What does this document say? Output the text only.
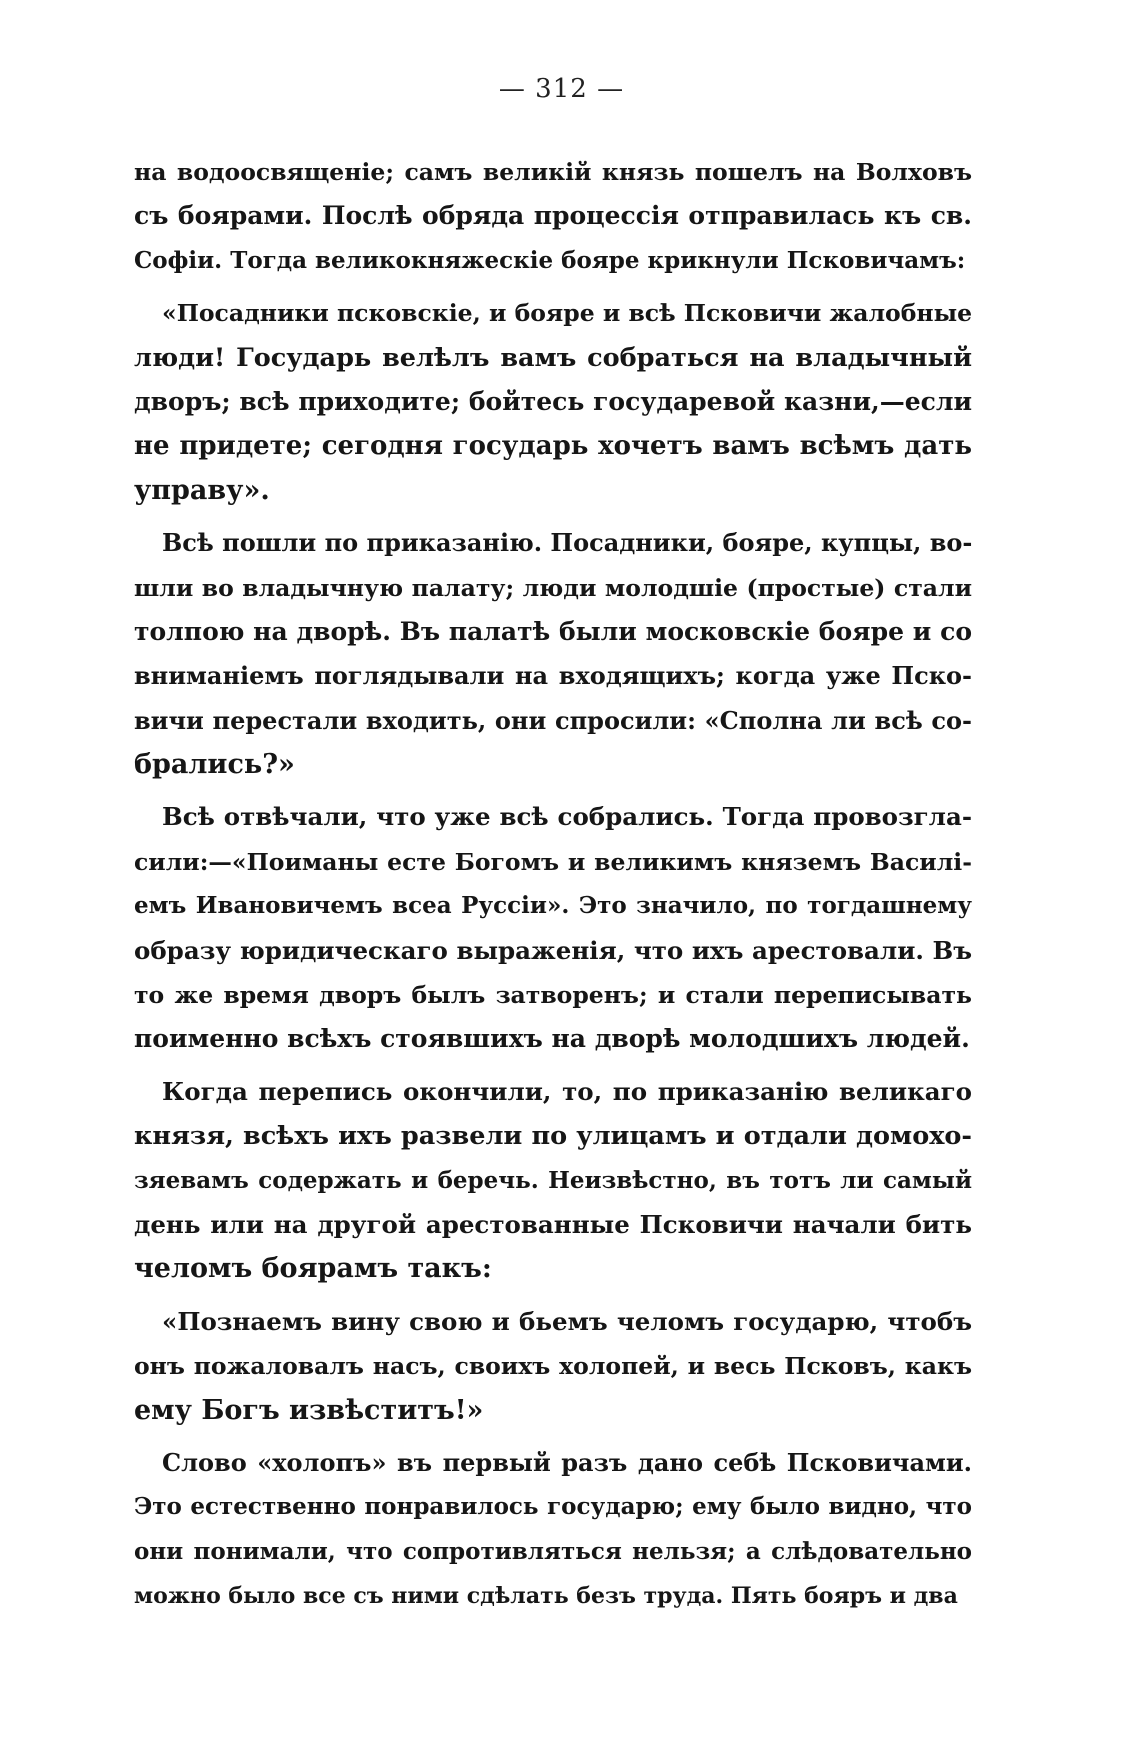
— 312 —
на водоосвященіе; самъ великій князь пошелъ на Волховъ
съ боярами. Послѣ обряда процессія отправилась къ св.
Софіи. Тогда великокняжескіе бояре крикнули Псковичамъ:
«Посадники псковскіе, и бояре и всѣ Псковичи жалобные
люди! Государь велѣлъ вамъ собраться на владычный
дворъ; всѣ приходите; бойтесь государевой казни,—если
не придете; сегодня государь хочетъ вамъ всѣмъ дать
управу».
Всѣ пошли по приказанію. Посадники, бояре, купцы, во-
шли во владычную палату; люди молодшіе (простые) стали
толпою на дворѣ. Въ палатѣ были московскіе бояре и со
вниманіемъ поглядывали на входящихъ; когда уже Пско-
вичи перестали входить, они спросили: «Сполна ли всѣ со-
брались?»
Всѣ отвѣчали, что уже всѣ собрались. Тогда провозгла-
сили:—«Поиманы есте Богомъ и великимъ княземъ Василі-
емъ Ивановичемъ всеа Руссіи». Это значило, по тогдашнему
образу юридическаго выраженія, что ихъ арестовали. Въ
то же время дворъ былъ затворенъ; и стали переписывать
поименно всѣхъ стоявшихъ на дворѣ молодшихъ людей.
Когда перепись окончили, то, по приказанію великаго
князя, всѣхъ ихъ развели по улицамъ и отдали домохо-
зяевамъ содержать и беречь. Неизвѣстно, въ тотъ ли самый
день или на другой арестованные Псковичи начали бить
челомъ боярамъ такъ:
«Познаемъ вину свою и бьемъ челомъ государю, чтобъ
онъ пожаловалъ насъ, своихъ холопей, и весь Псковъ, какъ
ему Богъ извѣститъ!»
Слово «холопъ» въ первый разъ дано себѣ Псковичами.
Это естественно понравилось государю; ему было видно, что
они понимали, что сопротивляться нельзя; а слѣдовательно
можно было все съ ними сдѣлать безъ труда. Пять бояръ и два
